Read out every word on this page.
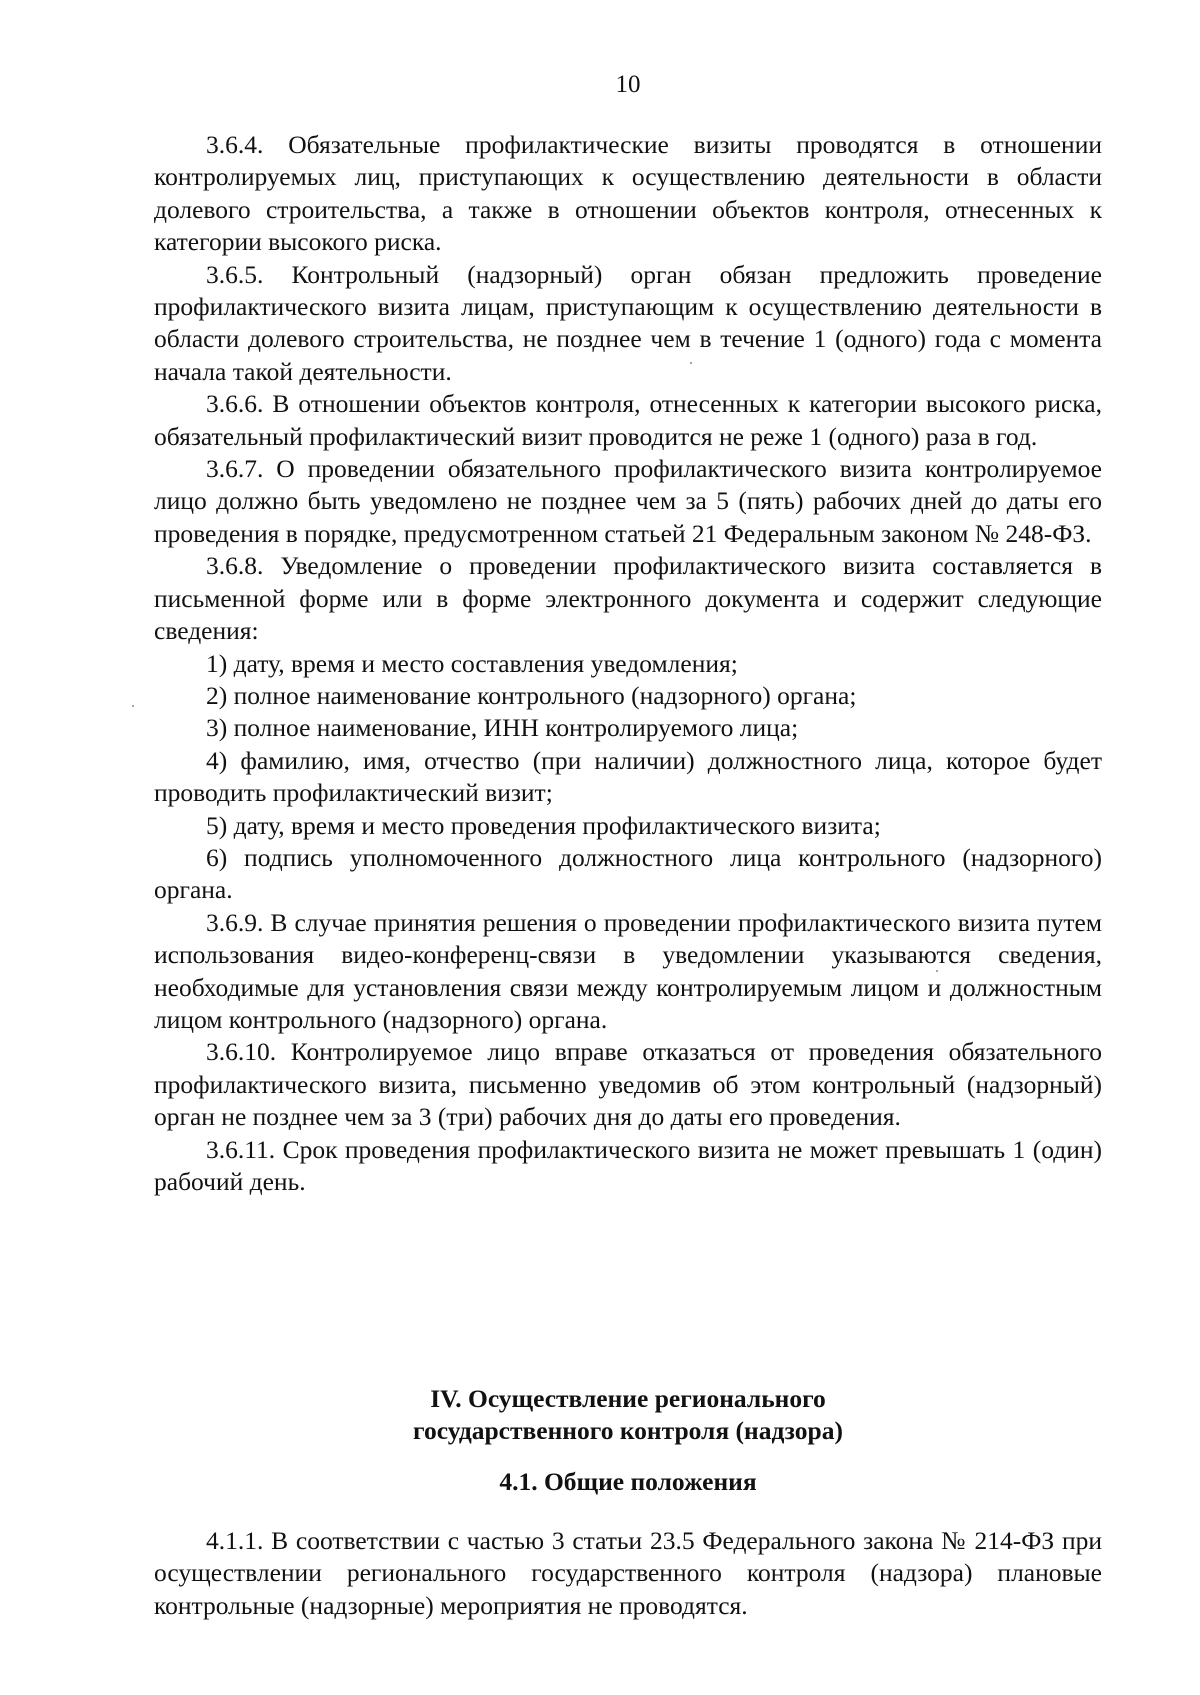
10

3.6.4. Обязательные профилактические визиты проводятся в отношении контролируемых лиц, приступающих к осуществлению деятельности в области долевого строительства, а также в отношении объектов контроля, отнесенных к категории высокого риска.

3.6.5. Контрольный (надзорный) орган обязан предложить проведение профилактического визита лицам, приступающим к осуществлению деятельности в области долевого строительства, не позднее чем в течение 1 (одного) года с момента начала такой деятельности.

3.6.6. В отношении объектов контроля, отнесенных к категории высокого риска, обязательный профилактический визит проводится не реже 1 (одного) раза в год.

3.6.7. О проведении обязательного профилактического визита контролируемое лицо должно быть уведомлено не позднее чем за 5 (пять) рабочих дней до даты его проведения в порядке, предусмотренном статьей 21 Федеральным законом № 248-ФЗ.

3.6.8. Уведомление о проведении профилактического визита составляется в письменной форме или в форме электронного документа и содержит следующие сведения:

1) дату, время и место составления уведомления;

2) полное наименование контрольного (надзорного) органа;

3) полное наименование, ИНН контролируемого лица;

4) фамилию, имя, отчество (при наличии) должностного лица, которое будет проводить профилактический визит;

5) дату, время и место проведения профилактического визита;

6) подпись уполномоченного должностного лица контрольного (надзорного) органа.

3.6.9. В случае принятия решения о проведении профилактического визита путем использования видео-конференц-связи в уведомлении указываются сведения, необходимые для установления связи между контролируемым лицом и должностным лицом контрольного (надзорного) органа.

3.6.10. Контролируемое лицо вправе отказаться от проведения обязательного профилактического визита, письменно уведомив об этом контрольный (надзорный) орган не позднее чем за 3 (три) рабочих дня до даты его проведения.

3.6.11. Срок проведения профилактического визита не может превышать 1 (один) рабочий день.

IV. Осуществление регионального

государственного контроля (надзора)

4.1. Общие положения

4.1.1. В соответствии с частью 3 статьи 23.5 Федерального закона № 214-ФЗ при осуществлении регионального государственного контроля (надзора) плановые контрольные (надзорные) мероприятия не проводятся.
